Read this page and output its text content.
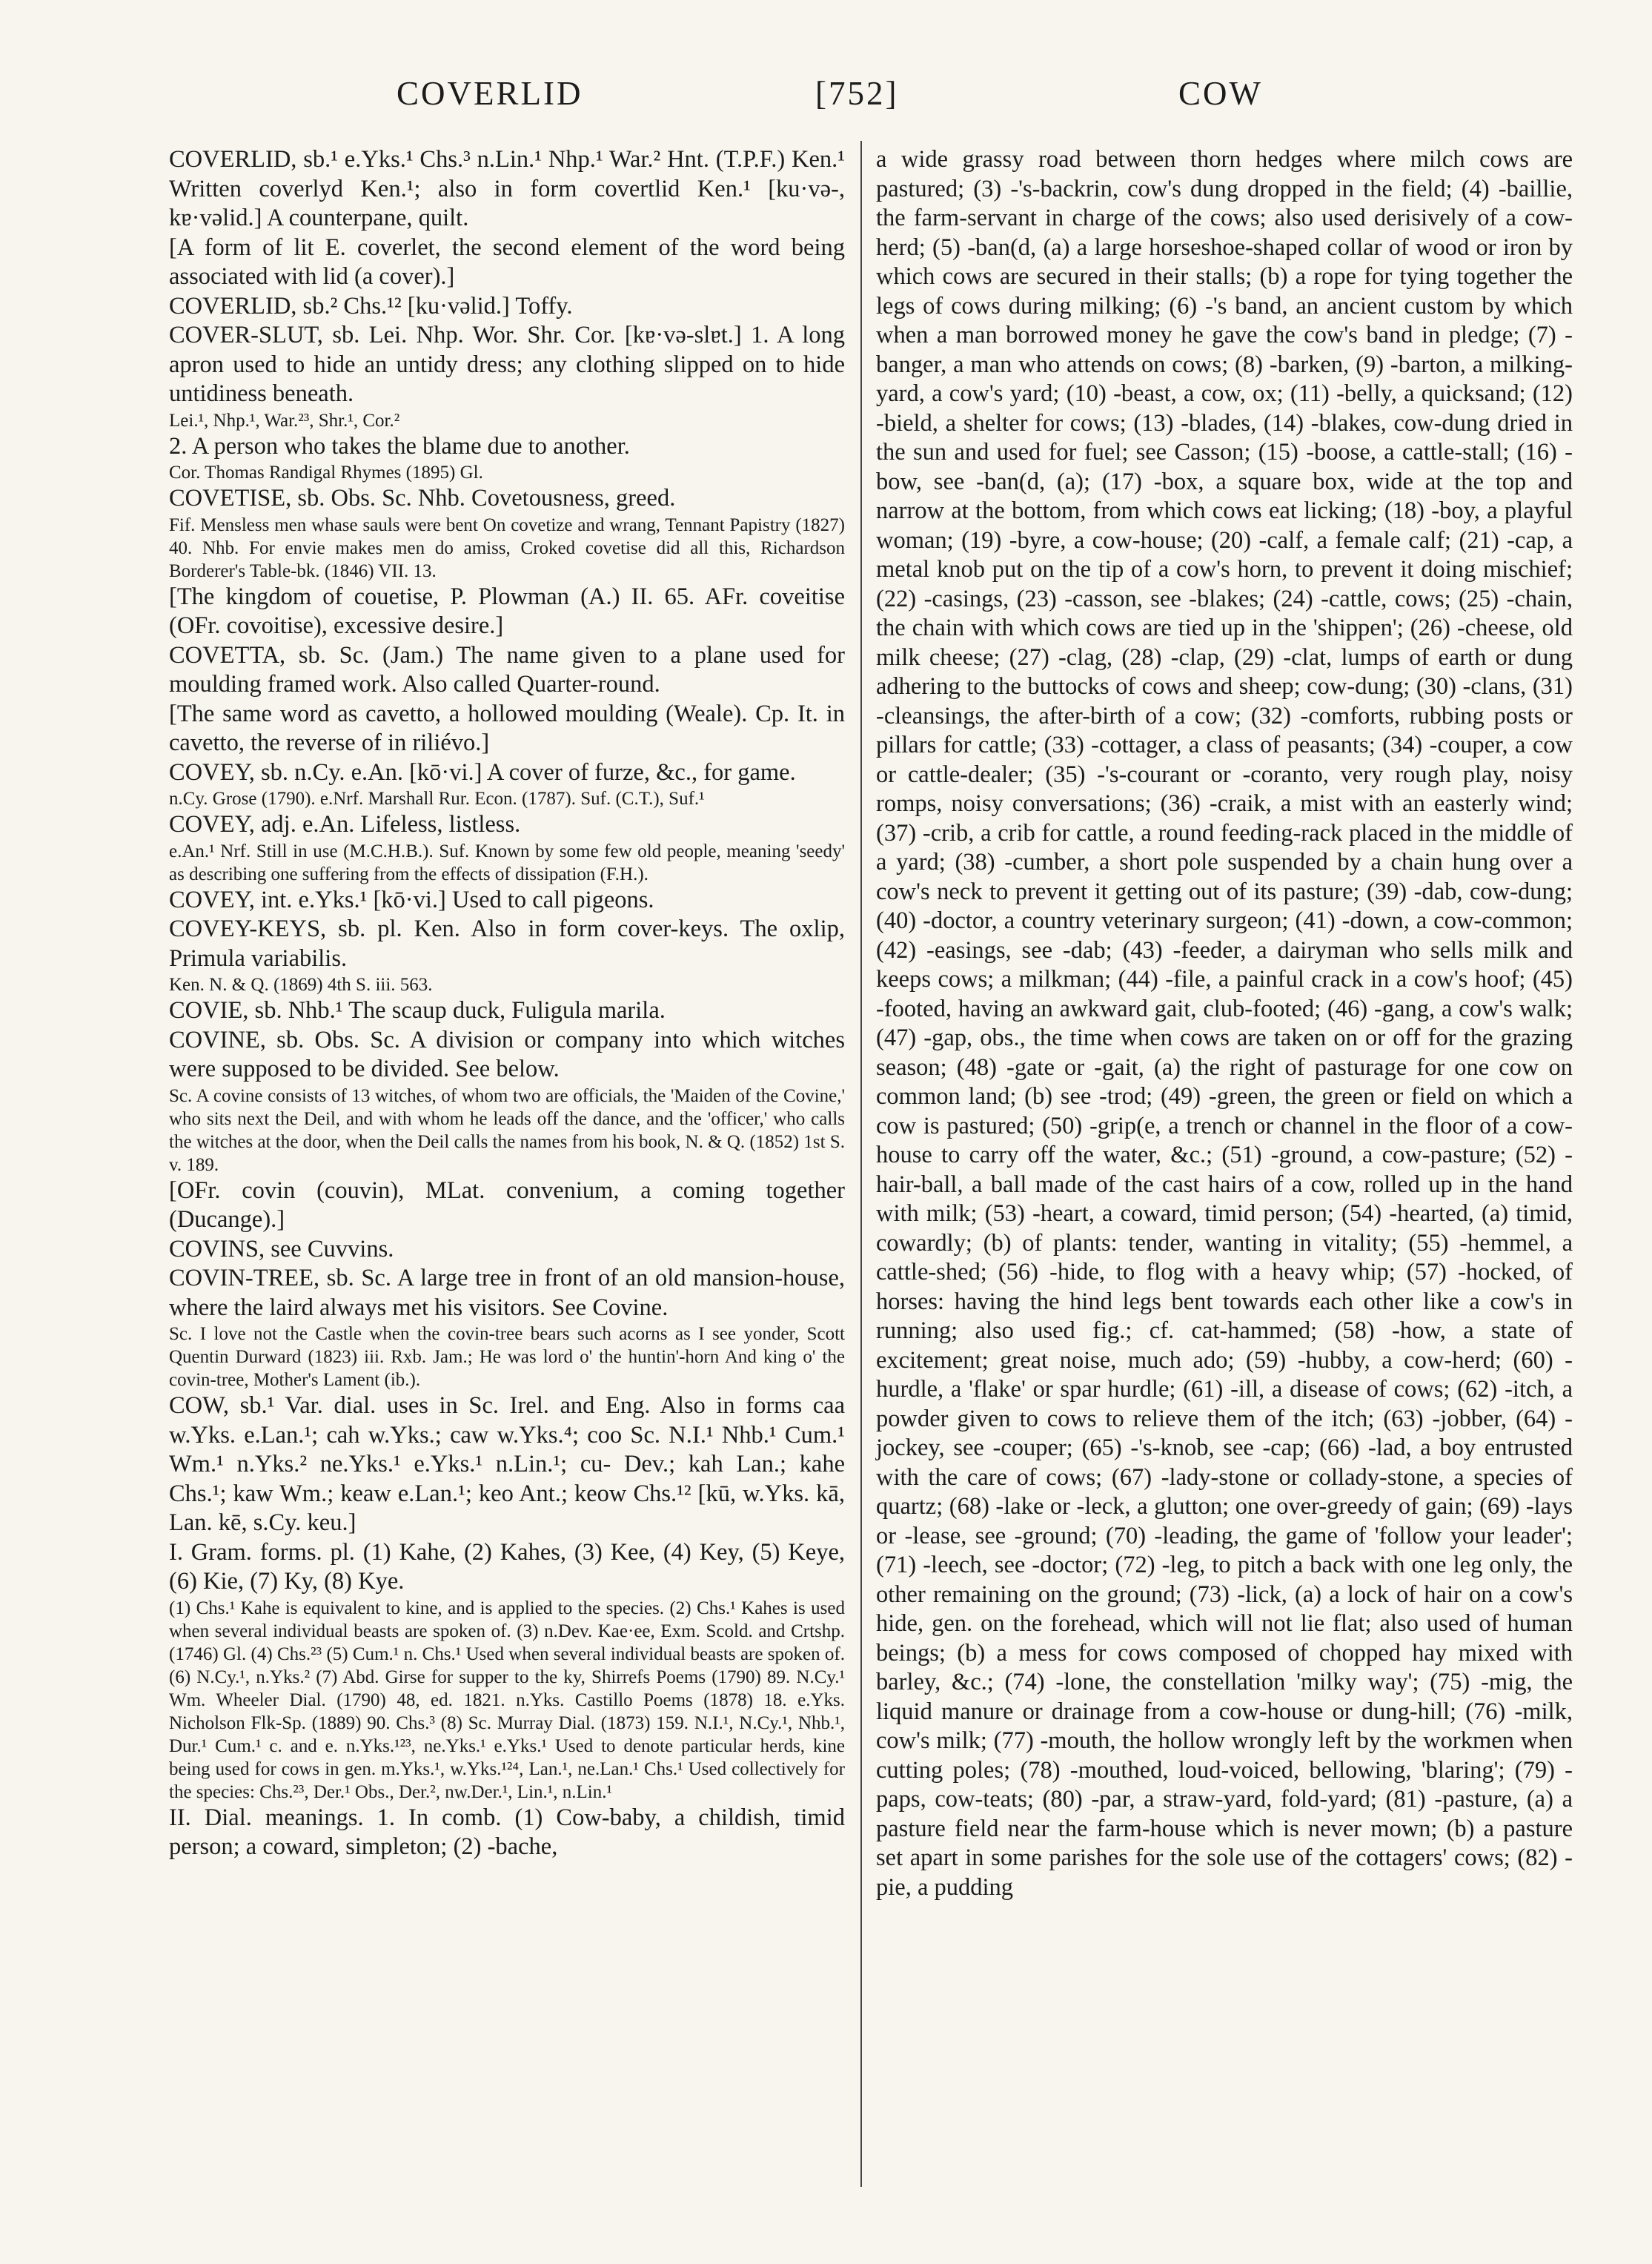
COVERLID	[752]	COW

COVERLID, sb.¹ e.Yks.¹ Chs.³ n.Lin.¹ Nhp.¹ War.² Hnt. (T.P.F.) Ken.¹ Written coverlyd Ken.¹; also in form covertlid Ken.¹ [ku·və-, kɐ·vəlid.] A counterpane, quilt.

[A form of lit E. coverlet, the second element of the word being associated with lid (a cover).]

COVERLID, sb.² Chs.¹² [ku·vəlid.] Toffy.

COVER-SLUT, sb. Lei. Nhp. Wor. Shr. Cor. [kɐ·və-slɐt.] 1. A long apron used to hide an untidy dress; any clothing slipped on to hide untidiness beneath.

Lei.¹, Nhp.¹, War.²³, Shr.¹, Cor.²

2. A person who takes the blame due to another.

Cor. Thomas Randigal Rhymes (1895) Gl.

COVETISE, sb. Obs. Sc. Nhb. Covetousness, greed.

Fif. Mensless men whase sauls were bent On covetize and wrang, Tennant Papistry (1827) 40. Nhb. For envie makes men do amiss, Croked covetise did all this, Richardson Borderer's Table-bk. (1846) VII. 13.

[The kingdom of couetise, P. Plowman (A.) II. 65. AFr. coveitise (OFr. covoitise), excessive desire.]

COVETTA, sb. Sc. (Jam.) The name given to a plane used for moulding framed work. Also called Quarter-round.

[The same word as cavetto, a hollowed moulding (Weale). Cp. It. in cavetto, the reverse of in riliévo.]

COVEY, sb. n.Cy. e.An. [kō·vi.] A cover of furze, &c., for game.

n.Cy. Grose (1790). e.Nrf. Marshall Rur. Econ. (1787). Suf. (C.T.), Suf.¹

COVEY, adj. e.An. Lifeless, listless.

e.An.¹ Nrf. Still in use (M.C.H.B.). Suf. Known by some few old people, meaning 'seedy' as describing one suffering from the effects of dissipation (F.H.).

COVEY, int. e.Yks.¹ [kō·vi.] Used to call pigeons.

COVEY-KEYS, sb. pl. Ken. Also in form cover-keys. The oxlip, Primula variabilis.

Ken. N. & Q. (1869) 4th S. iii. 563.

COVIE, sb. Nhb.¹ The scaup duck, Fuligula marila.

COVINE, sb. Obs. Sc. A division or company into which witches were supposed to be divided. See below.

Sc. A covine consists of 13 witches, of whom two are officials, the 'Maiden of the Covine,' who sits next the Deil, and with whom he leads off the dance, and the 'officer,' who calls the witches at the door, when the Deil calls the names from his book, N. & Q. (1852) 1st S. v. 189.

[OFr. covin (couvin), MLat. convenium, a coming together (Ducange).]

COVINS, see Cuvvins.

COVIN-TREE, sb. Sc. A large tree in front of an old mansion-house, where the laird always met his visitors. See Covine.

Sc. I love not the Castle when the covin-tree bears such acorns as I see yonder, Scott Quentin Durward (1823) iii. Rxb. Jam.; He was lord o' the huntin'-horn And king o' the covin-tree, Mother's Lament (ib.).

COW, sb.¹ Var. dial. uses in Sc. Irel. and Eng. Also in forms caa w.Yks. e.Lan.¹; cah w.Yks.; caw w.Yks.⁴; coo Sc. N.I.¹ Nhb.¹ Cum.¹ Wm.¹ n.Yks.² ne.Yks.¹ e.Yks.¹ n.Lin.¹; cu- Dev.; kah Lan.; kahe Chs.¹; kaw Wm.; keaw e.Lan.¹; keo Ant.; keow Chs.¹² [kū, w.Yks. kā, Lan. kē, s.Cy. keu.]

I. Gram. forms. pl. (1) Kahe, (2) Kahes, (3) Kee, (4) Key, (5) Keye, (6) Kie, (7) Ky, (8) Kye.

(1) Chs.¹ Kahe is equivalent to kine, and is applied to the species. (2) Chs.¹ Kahes is used when several individual beasts are spoken of. (3) n.Dev. Kae·ee, Exm. Scold. and Crtshp. (1746) Gl. (4) Chs.²³ (5) Cum.¹ n. Chs.¹ Used when several individual beasts are spoken of. (6) N.Cy.¹, n.Yks.² (7) Abd. Girse for supper to the ky, Shirrefs Poems (1790) 89. N.Cy.¹ Wm. Wheeler Dial. (1790) 48, ed. 1821. n.Yks. Castillo Poems (1878) 18. e.Yks. Nicholson Flk-Sp. (1889) 90. Chs.³ (8) Sc. Murray Dial. (1873) 159. N.I.¹, N.Cy.¹, Nhb.¹, Dur.¹ Cum.¹ c. and e. n.Yks.¹²³, ne.Yks.¹ e.Yks.¹ Used to denote particular herds, kine being used for cows in gen. m.Yks.¹, w.Yks.¹²⁴, Lan.¹, ne.Lan.¹ Chs.¹ Used collectively for the species: Chs.²³, Der.¹ Obs., Der.², nw.Der.¹, Lin.¹, n.Lin.¹

II. Dial. meanings. 1. In comb. (1) Cow-baby, a childish, timid person; a coward, simpleton; (2) -bache,

a wide grassy road between thorn hedges where milch cows are pastured; (3) -'s-backrin, cow's dung dropped in the field; (4) -baillie, the farm-servant in charge of the cows; also used derisively of a cow-herd; (5) -ban(d, (a) a large horseshoe-shaped collar of wood or iron by which cows are secured in their stalls; (b) a rope for tying together the legs of cows during milking; (6) -'s band, an ancient custom by which when a man borrowed money he gave the cow's band in pledge; (7) -banger, a man who attends on cows; (8) -barken, (9) -barton, a milking-yard, a cow's yard; (10) -beast, a cow, ox; (11) -belly, a quicksand; (12) -bield, a shelter for cows; (13) -blades, (14) -blakes, cow-dung dried in the sun and used for fuel; see Casson; (15) -boose, a cattle-stall; (16) -bow, see -ban(d, (a); (17) -box, a square box, wide at the top and narrow at the bottom, from which cows eat licking; (18) -boy, a playful woman; (19) -byre, a cow-house; (20) -calf, a female calf; (21) -cap, a metal knob put on the tip of a cow's horn, to prevent it doing mischief; (22) -casings, (23) -casson, see -blakes; (24) -cattle, cows; (25) -chain, the chain with which cows are tied up in the 'shippen'; (26) -cheese, old milk cheese; (27) -clag, (28) -clap, (29) -clat, lumps of earth or dung adhering to the buttocks of cows and sheep; cow-dung; (30) -clans, (31) -cleansings, the after-birth of a cow; (32) -comforts, rubbing posts or pillars for cattle; (33) -cottager, a class of peasants; (34) -couper, a cow or cattle-dealer; (35) -'s-courant or -coranto, very rough play, noisy romps, noisy conversations; (36) -craik, a mist with an easterly wind; (37) -crib, a crib for cattle, a round feeding-rack placed in the middle of a yard; (38) -cumber, a short pole suspended by a chain hung over a cow's neck to prevent it getting out of its pasture; (39) -dab, cow-dung; (40) -doctor, a country veterinary surgeon; (41) -down, a cow-common; (42) -easings, see -dab; (43) -feeder, a dairyman who sells milk and keeps cows; a milkman; (44) -file, a painful crack in a cow's hoof; (45) -footed, having an awkward gait, club-footed; (46) -gang, a cow's walk; (47) -gap, obs., the time when cows are taken on or off for the grazing season; (48) -gate or -gait, (a) the right of pasturage for one cow on common land; (b) see -trod; (49) -green, the green or field on which a cow is pastured; (50) -grip(e, a trench or channel in the floor of a cow-house to carry off the water, &c.; (51) -ground, a cow-pasture; (52) -hair-ball, a ball made of the cast hairs of a cow, rolled up in the hand with milk; (53) -heart, a coward, timid person; (54) -hearted, (a) timid, cowardly; (b) of plants: tender, wanting in vitality; (55) -hemmel, a cattle-shed; (56) -hide, to flog with a heavy whip; (57) -hocked, of horses: having the hind legs bent towards each other like a cow's in running; also used fig.; cf. cat-hammed; (58) -how, a state of excitement; great noise, much ado; (59) -hubby, a cow-herd; (60) -hurdle, a 'flake' or spar hurdle; (61) -ill, a disease of cows; (62) -itch, a powder given to cows to relieve them of the itch; (63) -jobber, (64) -jockey, see -couper; (65) -'s-knob, see -cap; (66) -lad, a boy entrusted with the care of cows; (67) -lady-stone or collady-stone, a species of quartz; (68) -lake or -leck, a glutton; one over-greedy of gain; (69) -lays or -lease, see -ground; (70) -leading, the game of 'follow your leader'; (71) -leech, see -doctor; (72) -leg, to pitch a back with one leg only, the other remaining on the ground; (73) -lick, (a) a lock of hair on a cow's hide, gen. on the forehead, which will not lie flat; also used of human beings; (b) a mess for cows composed of chopped hay mixed with barley, &c.; (74) -lone, the constellation 'milky way'; (75) -mig, the liquid manure or drainage from a cow-house or dung-hill; (76) -milk, cow's milk; (77) -mouth, the hollow wrongly left by the workmen when cutting poles; (78) -mouthed, loud-voiced, bellowing, 'blaring'; (79) -paps, cow-teats; (80) -par, a straw-yard, fold-yard; (81) -pasture, (a) a pasture field near the farm-house which is never mown; (b) a pasture set apart in some parishes for the sole use of the cottagers' cows; (82) -pie, a pudding
